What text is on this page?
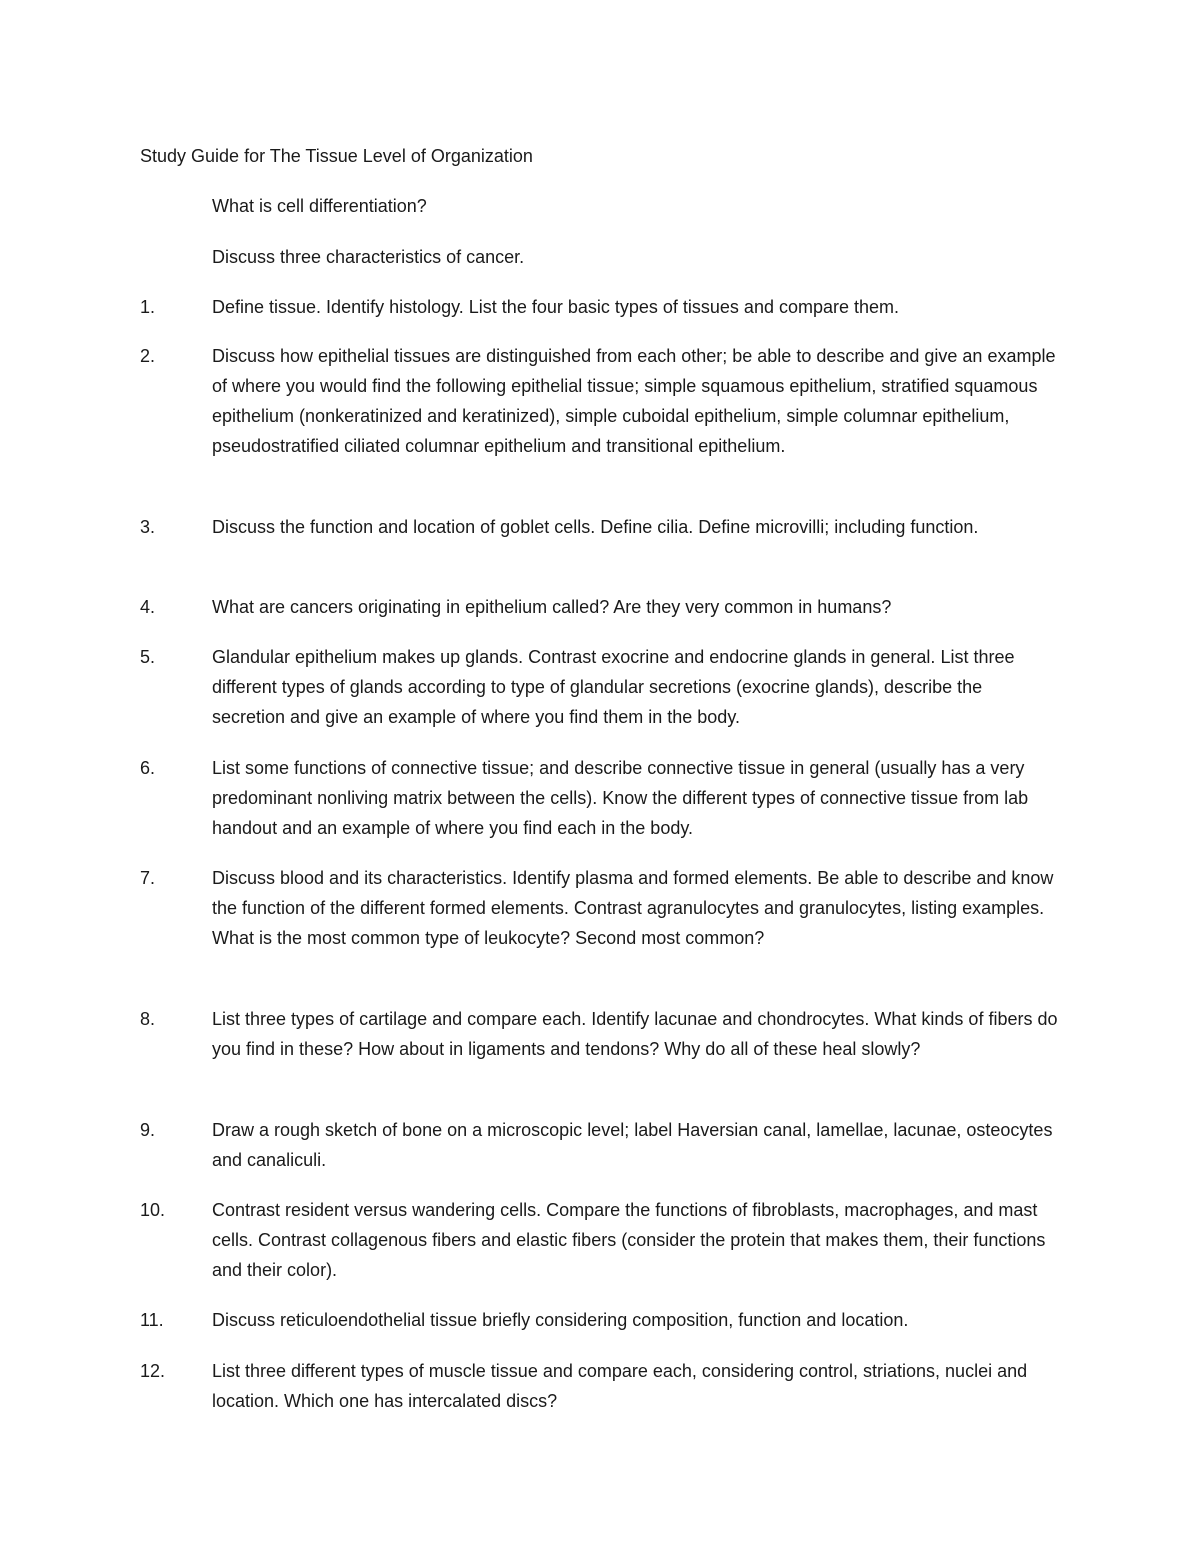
Study Guide for The Tissue Level of Organization
What is cell differentiation?
Discuss three characteristics of cancer.
1.	Define tissue. Identify histology. List the four basic types of tissues and compare them.
2.	Discuss how epithelial tissues are distinguished from each other; be able to describe and give an example of where you would find the following epithelial tissue; simple squamous epithelium, stratified squamous epithelium (nonkeratinized and keratinized), simple cuboidal epithelium, simple columnar epithelium, pseudostratified ciliated columnar epithelium and transitional epithelium.
3.	Discuss the function and location of goblet cells. Define cilia. Define microvilli; including function.
4.	What are cancers originating in epithelium called? Are they very common in humans?
5.	Glandular epithelium makes up glands. Contrast exocrine and endocrine glands in general. List three different types of glands according to type of glandular secretions (exocrine glands), describe the secretion and give an example of where you find them in the body.
6.	List some functions of connective tissue; and describe connective tissue in general (usually has a very predominant nonliving matrix between the cells). Know the different types of connective tissue from lab handout and an example of where you find each in the body.
7.	Discuss blood and its characteristics. Identify plasma and formed elements. Be able to describe and know the function of the different formed elements. Contrast agranulocytes and granulocytes, listing examples. What is the most common type of leukocyte? Second most common?
8.	List three types of cartilage and compare each. Identify lacunae and chondrocytes. What kinds of fibers do you find in these? How about in ligaments and tendons? Why do all of these heal slowly?
9.	Draw a rough sketch of bone on a microscopic level; label Haversian canal, lamellae, lacunae, osteocytes and canaliculi.
10.	Contrast resident versus wandering cells. Compare the functions of fibroblasts, macrophages, and mast cells. Contrast collagenous fibers and elastic fibers (consider the protein that makes them, their functions and their color).
11.	Discuss reticuloendothelial tissue briefly considering composition, function and location.
12.	List three different types of muscle tissue and compare each, considering control, striations, nuclei and location. Which one has intercalated discs?
